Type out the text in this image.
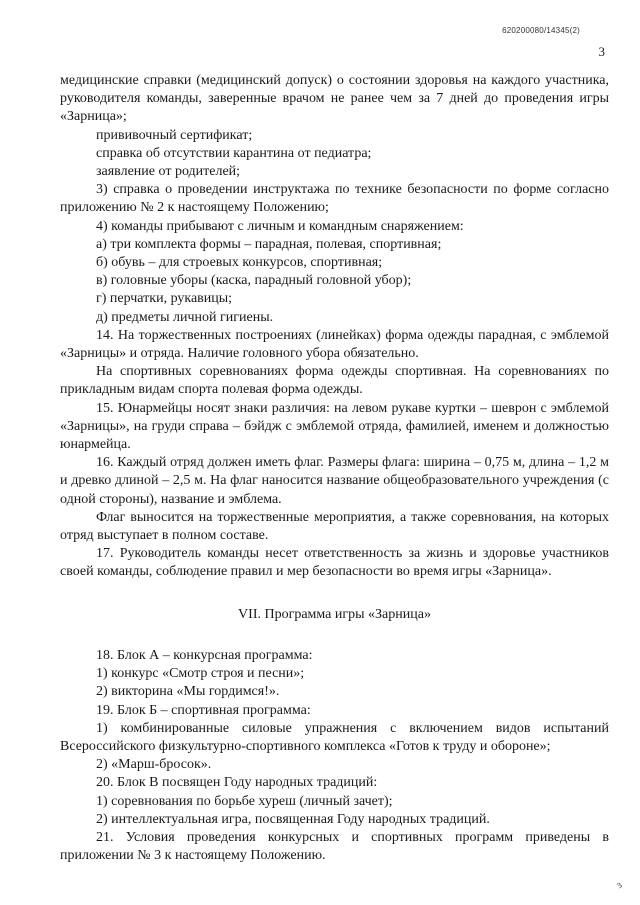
620200080/14345(2)
3

медицинские справки (медицинский допуск) о состоянии здоровья на каждого участника, руководителя команды, заверенные врачом не ранее чем за 7 дней до проведения игры «Зарница»;

прививочный сертификат;

справка об отсутствии карантина от педиатра;

заявление от родителей;

3) справка о проведении инструктажа по технике безопасности по форме согласно приложению № 2 к настоящему Положению;

4) команды прибывают с личным и командным снаряжением:

а) три комплекта формы – парадная, полевая, спортивная;

б) обувь – для строевых конкурсов, спортивная;

в) головные уборы (каска, парадный головной убор);

г) перчатки, рукавицы;

д) предметы личной гигиены.

14. На торжественных построениях (линейках) форма одежды парадная, с эмблемой «Зарницы» и отряда. Наличие головного убора обязательно.

На спортивных соревнованиях форма одежды спортивная. На соревнованиях по прикладным видам спорта полевая форма одежды.

15. Юнармейцы носят знаки различия: на левом рукаве куртки – шеврон с эмблемой «Зарницы», на груди справа – бэйдж с эмблемой отряда, фамилией, именем и должностью юнармейца.

16. Каждый отряд должен иметь флаг. Размеры флага: ширина – 0,75 м, длина – 1,2 м и древко длиной – 2,5 м. На флаг наносится название общеобразовательного учреждения (с одной стороны), название и эмблема.

Флаг выносится на торжественные мероприятия, а также соревнования, на которых отряд выступает в полном составе.

17. Руководитель команды несет ответственность за жизнь и здоровье участников своей команды, соблюдение правил и мер безопасности во время игры «Зарница».

VII. Программа игры «Зарница»

18. Блок А – конкурсная программа:

1) конкурс «Смотр строя и песни»;

2) викторина «Мы гордимся!».

19. Блок Б – спортивная программа:

1) комбинированные силовые упражнения с включением видов испытаний Всероссийского физкультурно-спортивного комплекса «Готов к труду и обороне»;

2) «Марш-бросок».

20. Блок В посвящен Году народных традиций:

1) соревнования по борьбе хуреш (личный зачет);

2) интеллектуальная игра, посвященная Году народных традиций.

21. Условия проведения конкурсных и спортивных программ приведены в приложении № 3 к настоящему Положению.

ɜ
